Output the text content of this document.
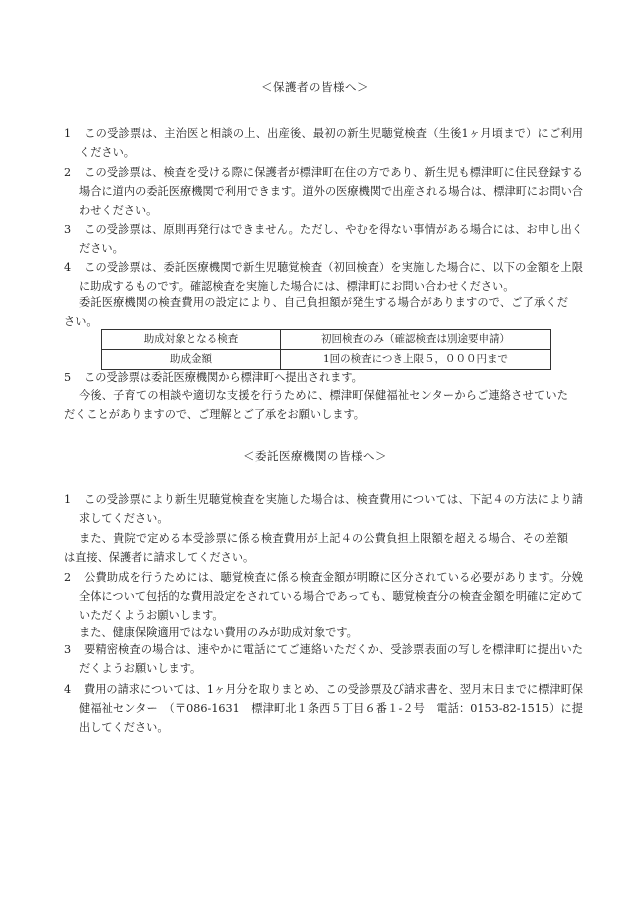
＜保護者の皆様へ＞

1 この受診票は、主治医と相談の上、出産後、最初の新生児聴覚検査（生後1ヶ月頃まで）にご利用ください。

2 この受診票は、検査を受ける際に保護者が標津町在住の方であり、新生児も標津町に住民登録する場合に道内の委託医療機関で利用できます。道外の医療機関で出産される場合は、標津町にお問い合わせください。

3 この受診票は、原則再発行はできません。ただし、やむを得ない事情がある場合には、お申し出ください。

4 この受診票は、委託医療機関で新生児聴覚検査（初回検査）を実施した場合に、以下の金額を上限に助成するものです。確認検査を実施した場合には、標津町にお問い合わせください。

委託医療機関の検査費用の設定により、自己負担額が発生する場合がありますので、ご了承ください。

助成対象となる検査	初回検査のみ（確認検査は別途要申請）
助成金額	1回の検査につき上限５，０００円まで

5 この受診票は委託医療機関から標津町へ提出されます。

今後、子育ての相談や適切な支援を行うために、標津町保健福祉センターからご連絡させていただくことがありますので、ご理解とご了承をお願いします。

＜委託医療機関の皆様へ＞

1 この受診票により新生児聴覚検査を実施した場合は、検査費用については、下記４の方法により請求してください。

また、貴院で定める本受診票に係る検査費用が上記４の公費負担上限額を超える場合、その差額は直接、保護者に請求してください。

2 公費助成を行うためには、聴覚検査に係る検査金額が明瞭に区分されている必要があります。分娩全体について包括的な費用設定をされている場合であっても、聴覚検査分の検査金額を明確に定めていただくようお願いします。

また、健康保険適用ではない費用のみが助成対象です。

3 要精密検査の場合は、速やかに電話にてご連絡いただくか、受診票表面の写しを標津町に提出いただくようお願いします。

4 費用の請求については、1ヶ月分を取りまとめ、この受診票及び請求書を、翌月末日までに標津町保健福祉センター　（〒086-1631　標津町北１条西５丁目６番１-２号　電話：0153-82-1515）に提出してください。
